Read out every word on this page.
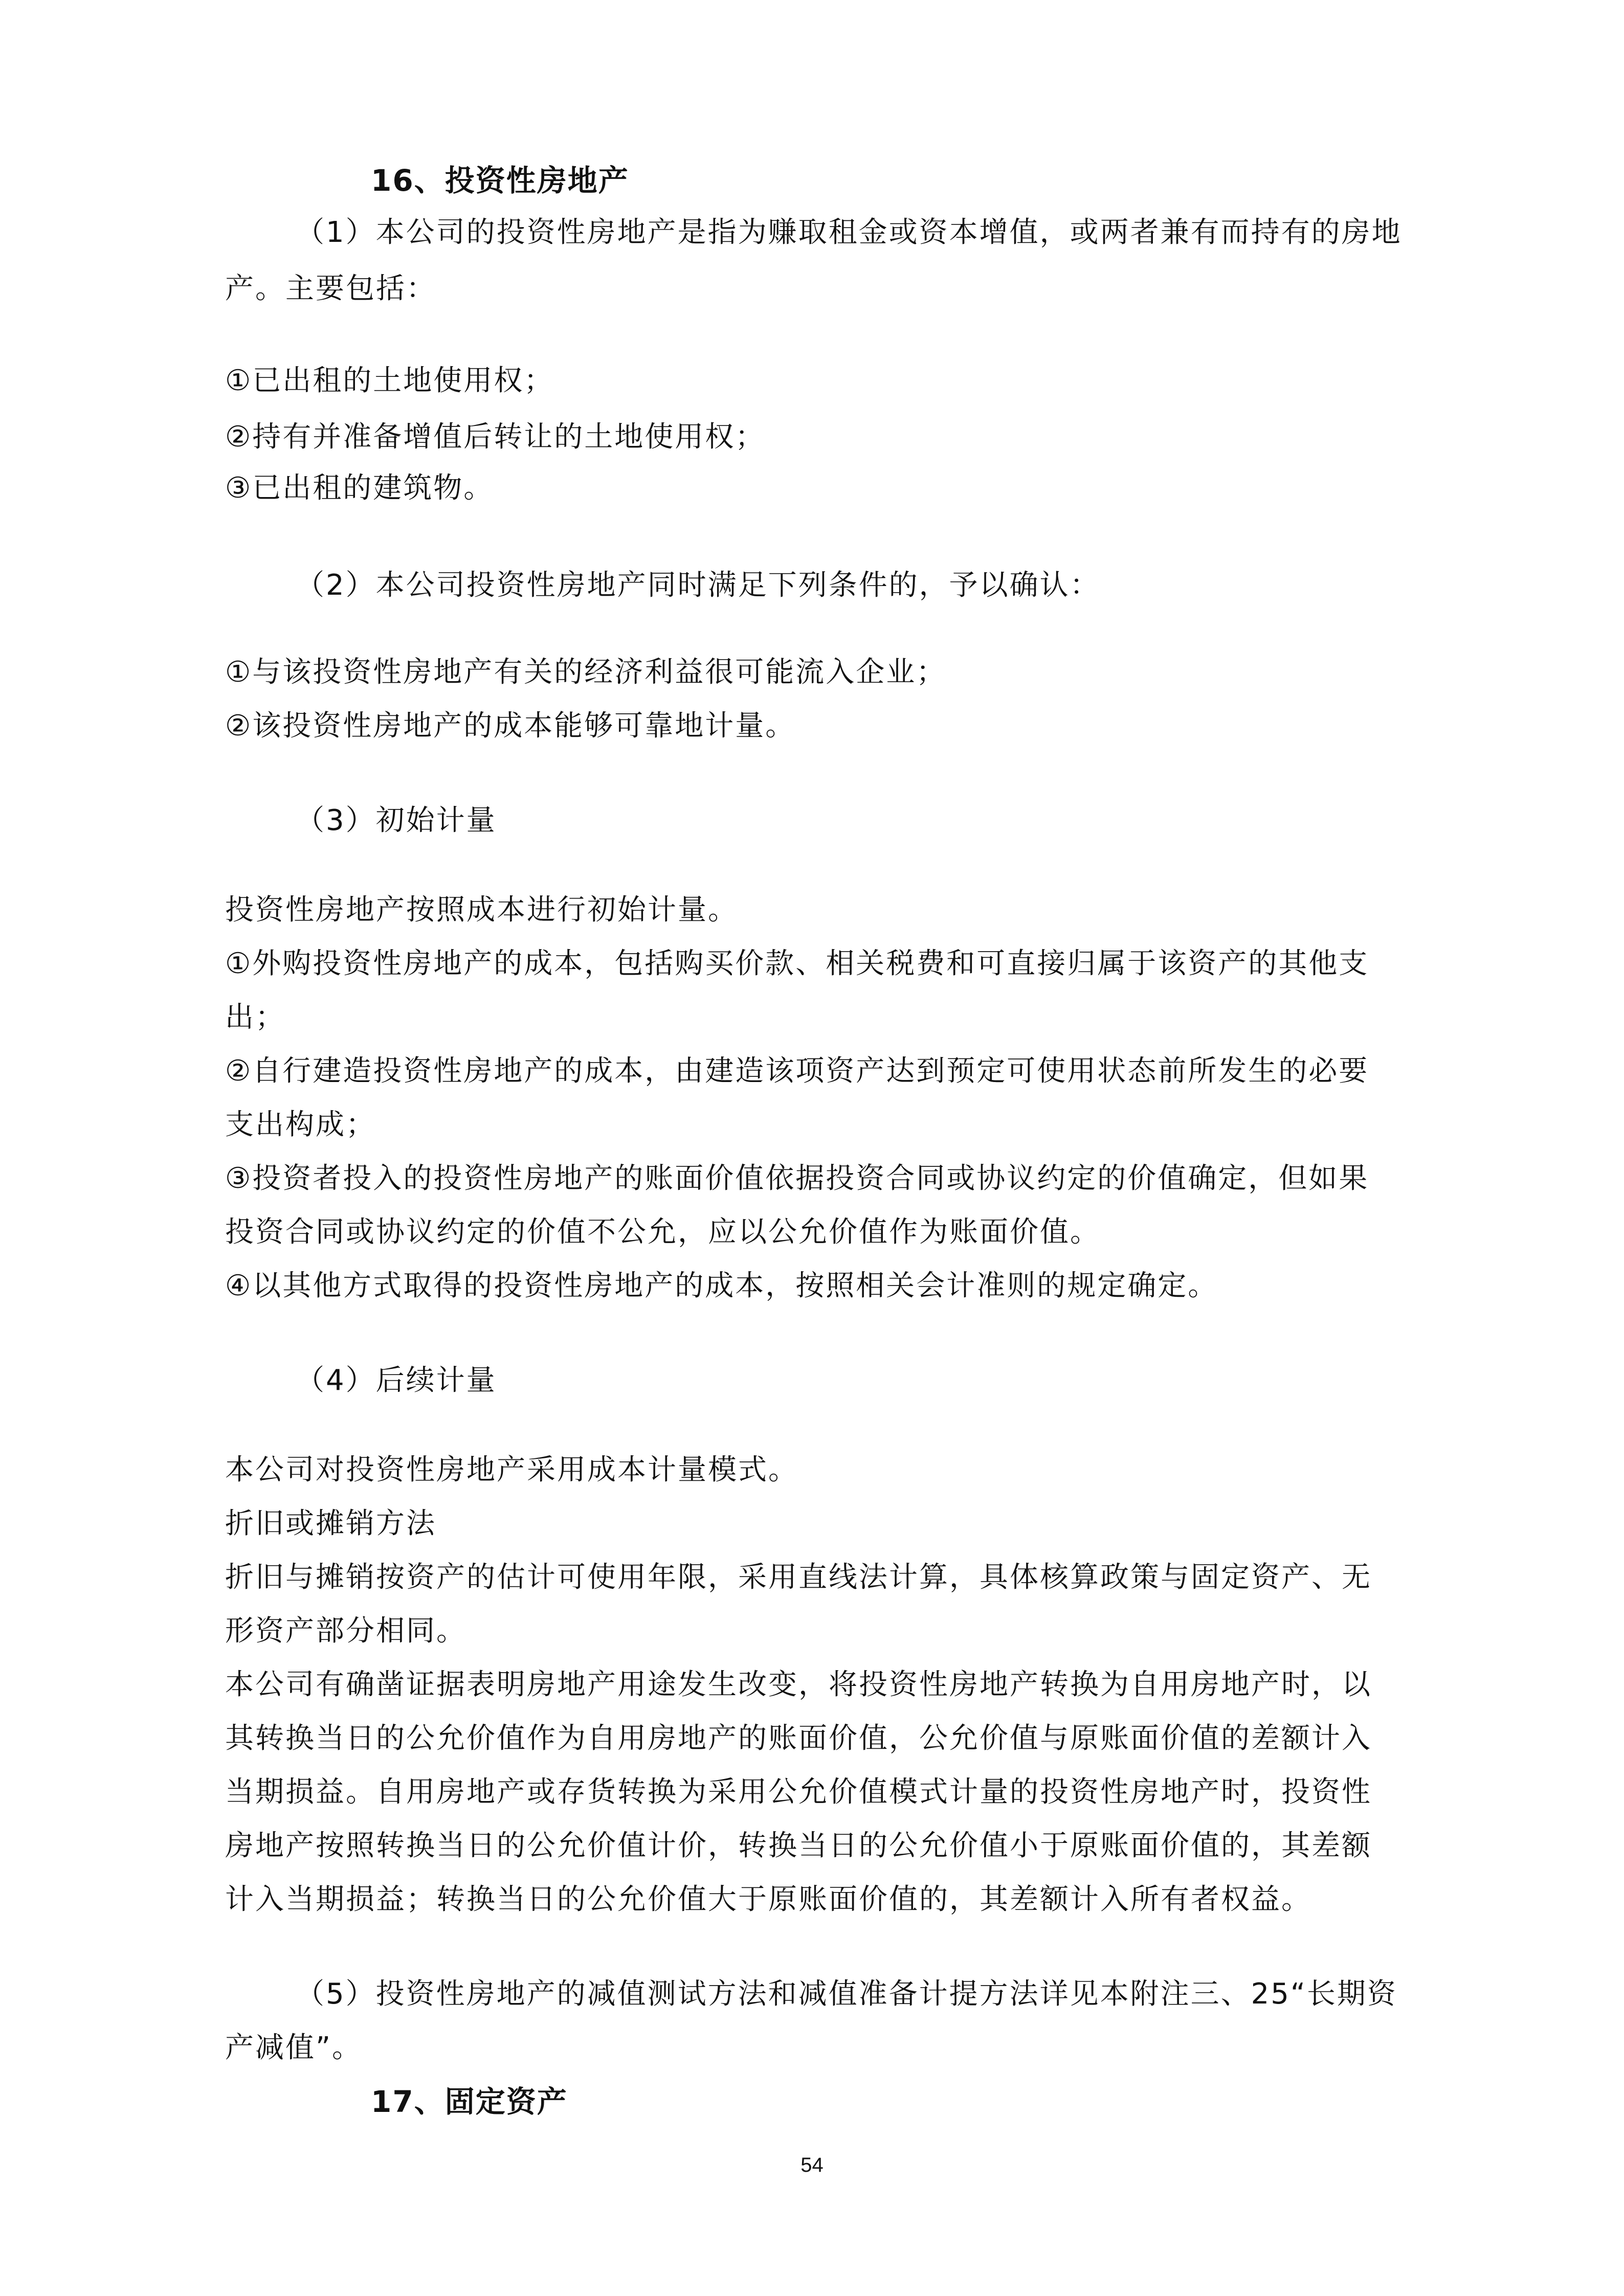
16、投资性房地产
（1）本公司的投资性房地产是指为赚取租金或资本增值，或两者兼有而持有的房地
产。主要包括：
①已出租的土地使用权；
②持有并准备增值后转让的土地使用权；
③已出租的建筑物。
（2）本公司投资性房地产同时满足下列条件的，予以确认：
①与该投资性房地产有关的经济利益很可能流入企业；
②该投资性房地产的成本能够可靠地计量。
（3）初始计量
投资性房地产按照成本进行初始计量。
①外购投资性房地产的成本，包括购买价款、相关税费和可直接归属于该资产的其他支
出；
②自行建造投资性房地产的成本，由建造该项资产达到预定可使用状态前所发生的必要
支出构成；
③投资者投入的投资性房地产的账面价值依据投资合同或协议约定的价值确定，但如果
投资合同或协议约定的价值不公允，应以公允价值作为账面价值。
④以其他方式取得的投资性房地产的成本，按照相关会计准则的规定确定。
（4）后续计量
本公司对投资性房地产采用成本计量模式。
折旧或摊销方法
折旧与摊销按资产的估计可使用年限，采用直线法计算，具体核算政策与固定资产、无
形资产部分相同。
本公司有确凿证据表明房地产用途发生改变，将投资性房地产转换为自用房地产时，以
其转换当日的公允价值作为自用房地产的账面价值，公允价值与原账面价值的差额计入
当期损益。自用房地产或存货转换为采用公允价值模式计量的投资性房地产时，投资性
房地产按照转换当日的公允价值计价，转换当日的公允价值小于原账面价值的，其差额
计入当期损益；转换当日的公允价值大于原账面价值的，其差额计入所有者权益。
（5）投资性房地产的减值测试方法和减值准备计提方法详见本附注三、25“长期资
产减值”。
17、固定资产
54
